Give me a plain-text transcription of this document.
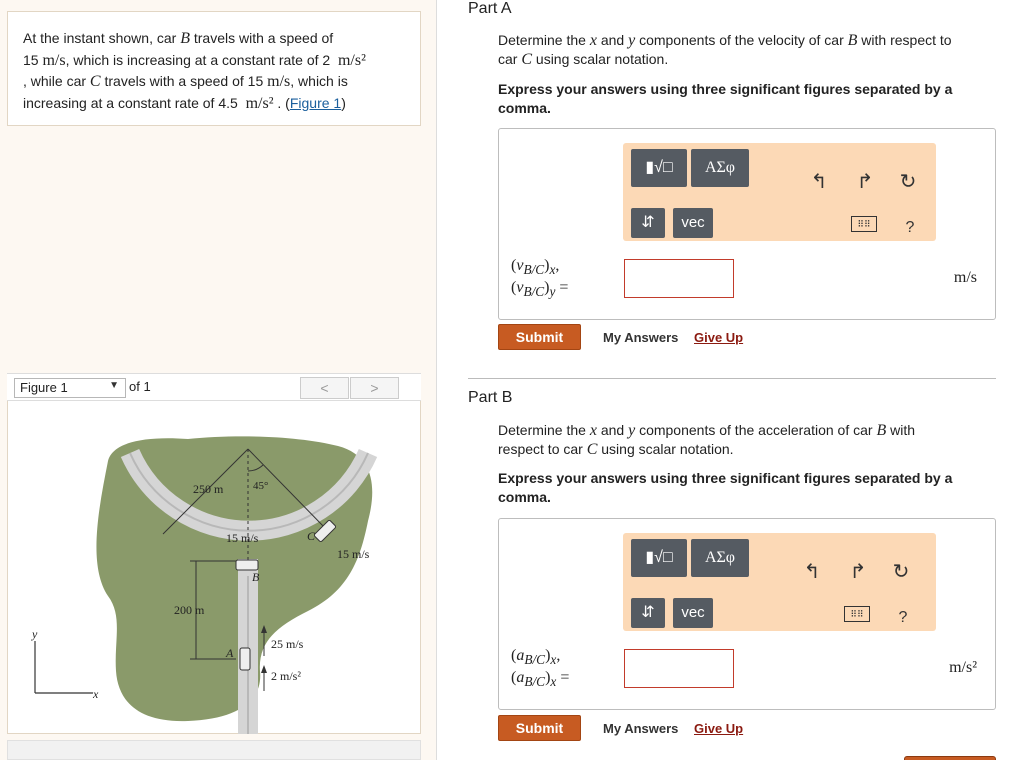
At the instant shown, car B travels with a speed of
15 m/s, which is increasing at a constant rate of 2 m/s²
, while car C travels with a speed of 15 m/s, which is
increasing at a constant rate of 4.5 m/s² . (Figure 1)
Figure 1	▼ of 1	<	>
250 m	45°
15 m/s
15 m/s
B
C
A
200 m
25 m/s
2 m/s²
y
x
Part A
Determine the x and y components of the velocity of car B with respect to
car C using scalar notation.
Express your answers using three significant figures separated by a comma.
▮√□	ΑΣφ
⇵	vec
↰ ↱ ↻
⠿⠿	?
$(v_{B/C})_x$,
$(v_{B/C})_y$ =
m/s
Submit	My Answers Give Up
Part B
Determine the x and y components of the acceleration of car B with
respect to car C using scalar notation.
Express your answers using three significant figures separated by a comma.
▮√□	ΑΣφ
⇵	vec
↰ ↱ ↻
⠿⠿	?
$(a_{B/C})_x$,
$(a_{B/C})_x$ =
m/s²
Submit	My Answers Give Up
